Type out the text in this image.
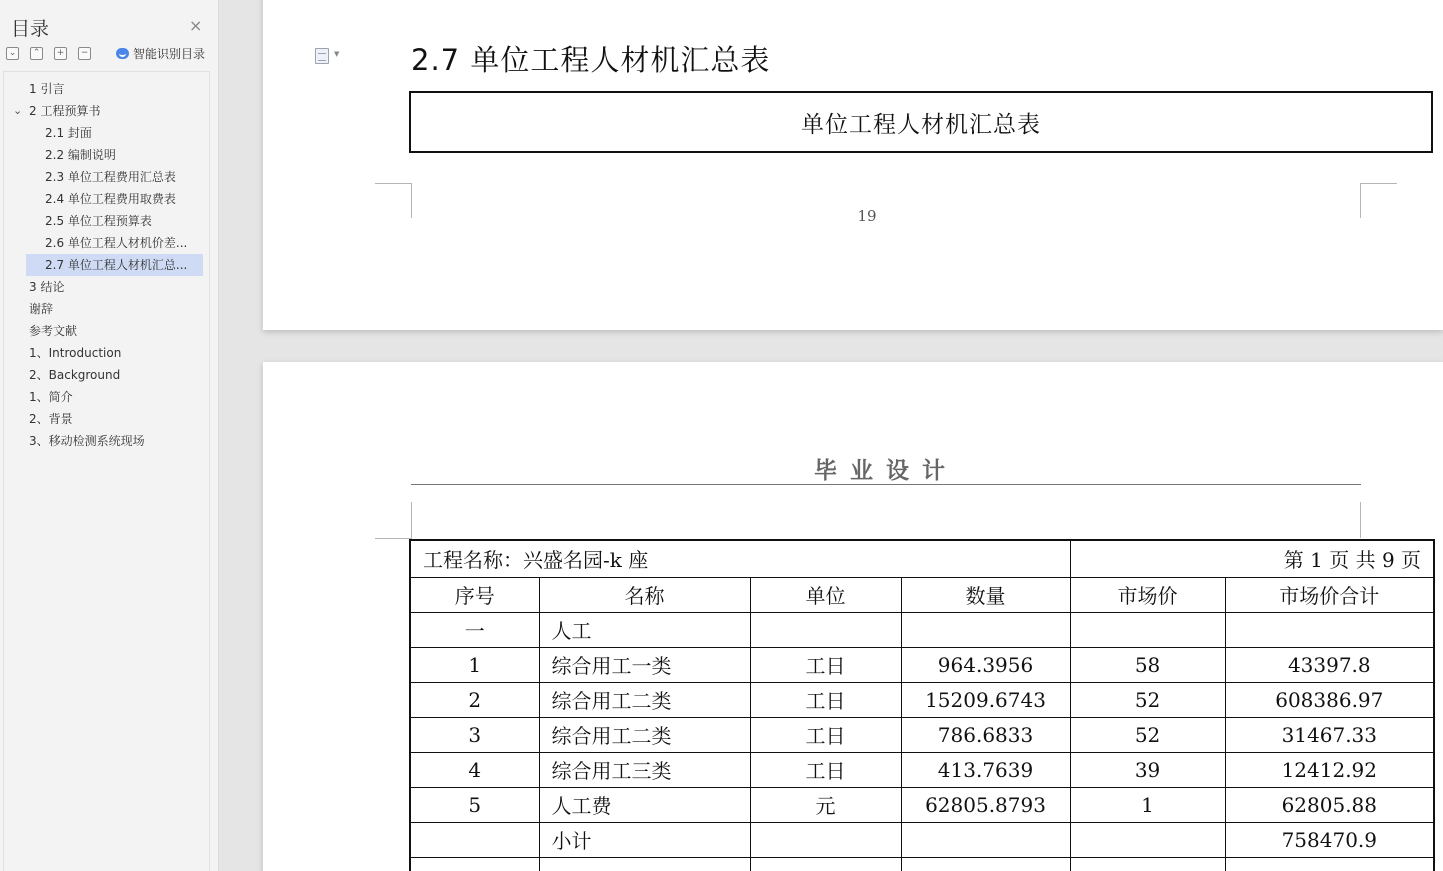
目录	×
⌄	⌃	+	−	智能识别目录
1 引言
⌄ 2 工程预算书
2.1 封面
2.2 编制说明
2.3 单位工程费用汇总表
2.4 单位工程费用取费表
2.5 单位工程预算表
2.6 单位工程人材机价差...
2.7 单位工程人材机汇总...
3 结论
谢辞
参考文献
1、Introduction
2、Background
1、简介
2、背景
3、移动检测系统现场
▼ 2.7 单位工程人材机汇总表
单位工程人材机汇总表
19
毕业设计
工程名称：兴盛名园-k 座				第 1 页 共 9 页	
序号	名称	单位	数量	市场价	市场价合计
一	人工				
1	综合用工一类	工日	964.3956	58	43397.8
2	综合用工二类	工日	15209.6743	52	608386.97
3	综合用工二类	工日	786.6833	52	31467.33
4	综合用工三类	工日	413.7639	39	12412.92
5	人工费	元	62805.8793	1	62805.88
	小计				758470.9
